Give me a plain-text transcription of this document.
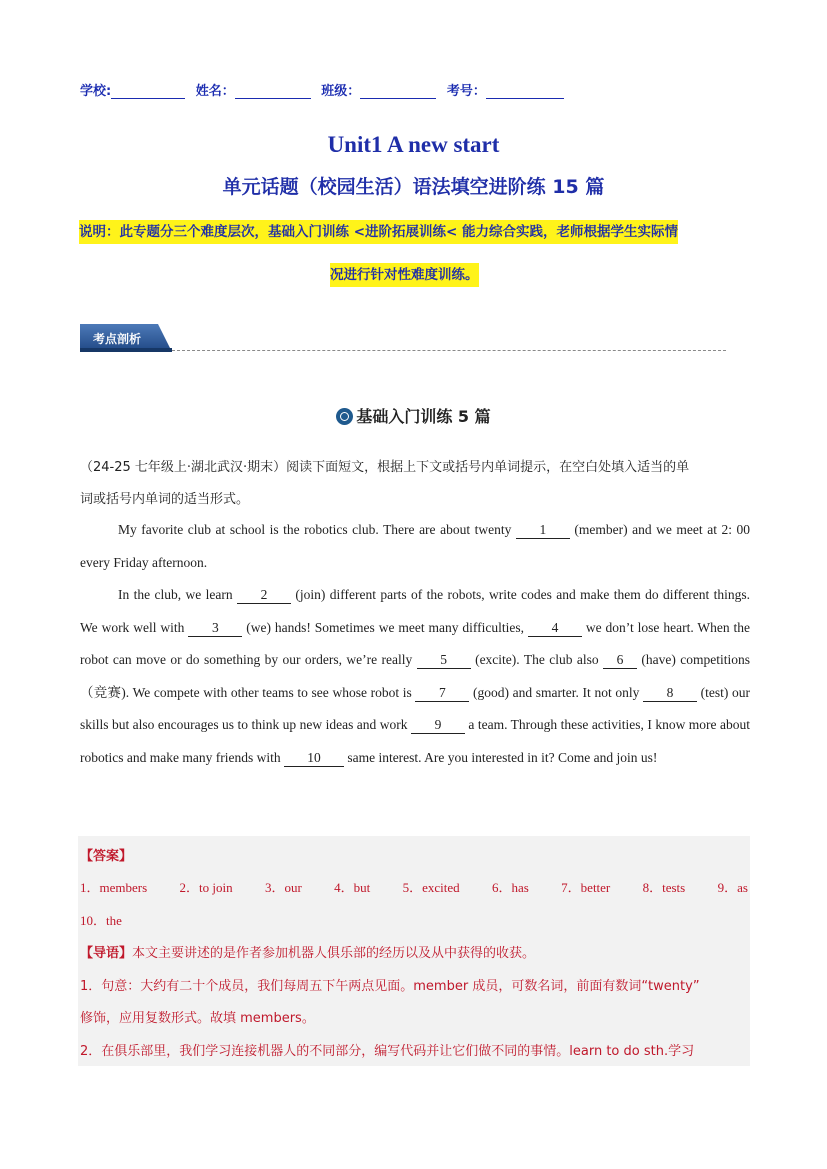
学校:	姓名：	班级：	考号：
Unit1 A new start
单元话题（校园生活）语法填空进阶练 15 篇
说明：此专题分三个难度层次，基础入门训练 <进阶拓展训练< 能力综合实践，老师根据学生实际情
况进行针对性难度训练。
考点剖析
基础入门训练 5 篇
（24-25 七年级上·湖北武汉·期末）阅读下面短文，根据上下文或括号内单词提示，在空白处填入适当的单
词或括号内单词的适当形式。

My favorite club at school is the robotics club. There are about twenty 1 (member) and we meet at 2: 00 every Friday afternoon.

In the club, we learn 2 (join) different parts of the robots, write codes and make them do different things. We work well with 3 (we) hands! Sometimes we meet many difficulties, 4 we don’t lose heart. When the robot can move or do something by our orders, we’re really 5 (excite). The club also 6 (have) competitions（竞赛). We compete with other teams to see whose robot is 7 (good) and smarter. It not only 8 (test) our skills but also encourages us to think up new ideas and work 9 a team. Through these activities, I know more about robotics and make many friends with 10 same interest. Are you interested in it? Come and join us!

【答案】
1．members 2．to join 3．our 4．but 5．excited 6．has 7．better 8．tests 9．as
10．the
【导语】本文主要讲述的是作者参加机器人俱乐部的经历以及从中获得的收获。
1．句意：大约有二十个成员，我们每周五下午两点见面。member 成员，可数名词，前面有数词“twenty”
修饰，应用复数形式。故填 members。
2．在俱乐部里，我们学习连接机器人的不同部分，编写代码并让它们做不同的事情。learn to do sth.学习
